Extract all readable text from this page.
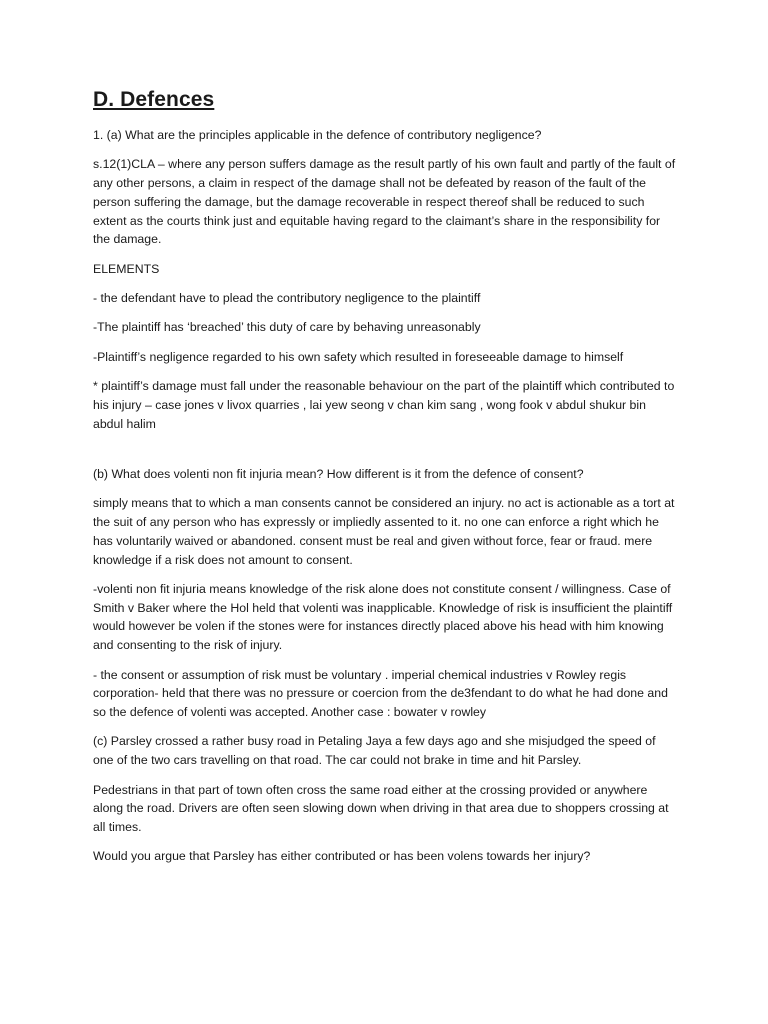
D. Defences

1. (a) What are the principles applicable in the defence of contributory negligence?

s.12(1)CLA – where any person suffers damage as the result partly of his own fault and partly of the fault of any other persons, a claim in respect of the damage shall not be defeated by reason of the fault of the person suffering the damage, but the damage recoverable in respect thereof shall be reduced to such extent as the courts think just and equitable having regard to the claimant’s share in the responsibility for the damage.

ELEMENTS

- the defendant have to plead the contributory negligence to the plaintiff

-The plaintiff has ‘breached’ this duty of care by behaving unreasonably

-Plaintiff’s negligence regarded to his own safety which resulted in foreseeable damage to himself

* plaintiff’s damage must fall under the reasonable behaviour on the part of the plaintiff which contributed to his injury – case jones v livox quarries , lai yew seong v chan kim sang , wong fook v abdul shukur bin abdul halim

(b) What does volenti non fit injuria mean? How different is it from the defence of consent?

simply means that to which a man consents cannot be considered an injury. no act is actionable as a tort at the suit of any person who has expressly or impliedly assented to it. no one can enforce a right which he has voluntarily waived or abandoned. consent must be real and given without force, fear or fraud. mere knowledge if a risk does not amount to consent.

-volenti non fit injuria means knowledge of the risk alone does not constitute consent / willingness. Case of Smith v Baker where the Hol held that volenti was inapplicable. Knowledge of risk is insufficient the plaintiff would however be volen if the stones were for instances directly placed above his head with him knowing and consenting to the risk of injury.

- the consent or assumption of risk must be voluntary . imperial chemical industries v Rowley regis corporation- held that there was no pressure or coercion from the de3fendant to do what he had done and so the defence of volenti was accepted. Another case : bowater v rowley

(c) Parsley crossed a rather busy road in Petaling Jaya a few days ago and she misjudged the speed of one of the two cars travelling on that road. The car could not brake in time and hit Parsley.

Pedestrians in that part of town often cross the same road either at the crossing provided or anywhere along the road. Drivers are often seen slowing down when driving in that area due to shoppers crossing at all times.

Would you argue that Parsley has either contributed or has been volens towards her injury?
